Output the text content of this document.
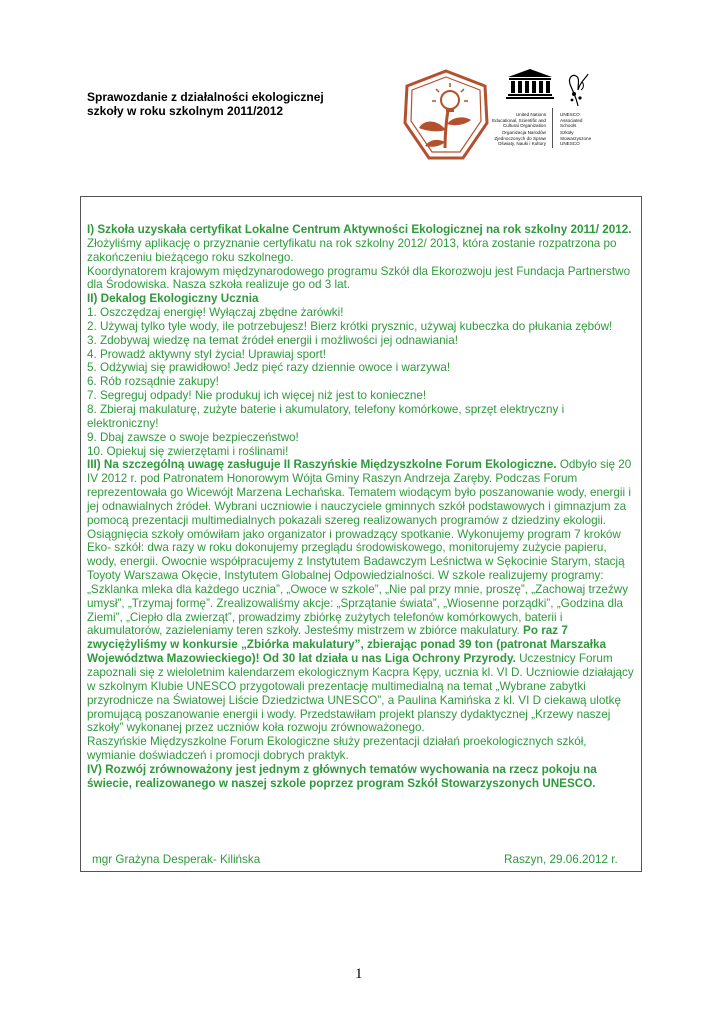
Sprawozdanie z działalności ekologicznej
szkoły w roku szkolnym 2011/2012	United Nations
Educational, Scientific and
Cultural Organization
Organizacja Narodów
Zjednoczonych do Spraw
Oświaty, Nauki i Kultury
UNESCO
Associated
Schools
Szkoły
Stowarzyszone
UNESCO

I) Szkoła uzyskała certyfikat Lokalne Centrum Aktywności Ekologicznej na rok szkolny 2011/ 2012. Złożyliśmy aplikację o przyznanie certyfikatu na rok szkolny 2012/ 2013, która zostanie rozpatrzona po zakończeniu bieżącego roku szkolnego.

Koordynatorem krajowym międzynarodowego programu Szkół dla Ekorozwoju jest Fundacja Partnerstwo dla Środowiska. Nasza szkoła realizuje go od 3 lat.

II) Dekalog Ekologiczny Ucznia

1. Oszczędzaj energię! Wyłączaj zbędne żarówki!

2. Używaj tylko tyle wody, ile potrzebujesz! Bierz krótki prysznic, używaj kubeczka do płukania zębów!

3. Zdobywaj wiedzę na temat źródeł energii i możliwości jej odnawiania!

4. Prowadź aktywny styl życia! Uprawiaj sport!

5. Odżywiaj się prawidłowo! Jedz pięć razy dziennie owoce i warzywa!

6. Rób rozsądnie zakupy!

7. Segreguj odpady! Nie produkuj ich więcej niż jest to konieczne!

8. Zbieraj makulaturę, zużyte baterie i akumulatory, telefony komórkowe, sprzęt elektryczny i elektroniczny!

9. Dbaj zawsze o swoje bezpieczeństwo!

10. Opiekuj się zwierzętami i roślinami!

III) Na szczególną uwagę zasługuje II Raszyńskie Międzyszkolne Forum Ekologiczne. Odbyło się 20 IV 2012 r. pod Patronatem Honorowym Wójta Gminy Raszyn Andrzeja Zaręby. Podczas Forum reprezentowała go Wicewójt Marzena Lechańska. Tematem wiodącym było poszanowanie wody, energii i jej odnawialnych źródeł. Wybrani uczniowie i nauczyciele gminnych szkół podstawowych i gimnazjum za pomocą prezentacji multimedialnych pokazali szereg realizowanych programów z dziedziny ekologii.

Osiągnięcia szkoły omówiłam jako organizator i prowadzący spotkanie. Wykonujemy program 7 kroków Eko- szkół: dwa razy w roku dokonujemy przeglądu środowiskowego, monitorujemy zużycie papieru, wody, energii. Owocnie współpracujemy z Instytutem Badawczym Leśnictwa w Sękocinie Starym, stacją Toyoty Warszawa Okęcie, Instytutem Globalnej Odpowiedzialności. W szkole realizujemy programy: „Szklanka mleka dla każdego ucznia”, „Owoce w szkole”, „Nie pal przy mnie, proszę”, „Zachowaj trzeźwy umysł”, „Trzymaj formę”. Zrealizowaliśmy akcje: „Sprzątanie świata”, „Wiosenne porządki”, „Godzina dla Ziemi”, „Ciepło dla zwierząt”, prowadzimy zbiórkę zużytych telefonów komórkowych, baterii i akumulatorów, zazieleniamy teren szkoły. Jesteśmy mistrzem w zbiórce makulatury. Po raz 7 zwyciężyliśmy w konkursie „Zbiórka makulatury”, zbierając ponad 39 ton (patronat Marszałka Województwa Mazowieckiego)! Od 30 lat działa u nas Liga Ochrony Przyrody. Uczestnicy Forum zapoznali się z wieloletnim kalendarzem ekologicznym Kacpra Kępy, ucznia kl. VI D. Uczniowie działający w szkolnym Klubie UNESCO przygotowali prezentację multimedialną na temat „Wybrane zabytki przyrodnicze na Światowej Liście Dziedzictwa UNESCO”, a Paulina Kamińska z kl. VI D ciekawą ulotkę promującą poszanowanie energii i wody. Przedstawiłam projekt planszy dydaktycznej „Krzewy naszej szkoły” wykonanej przez uczniów koła rozwoju zrównoważonego.

Raszyńskie Międzyszkolne Forum Ekologiczne służy prezentacji działań proekologicznych szkół, wymianie doświadczeń i promocji dobrych praktyk.

IV) Rozwój zrównoważony jest jednym z głównych tematów wychowania na rzecz pokoju na świecie, realizowanego w naszej szkole poprzez program Szkół Stowarzyszonych UNESCO.

mgr Grażyna Desperak- Kilińska	Raszyn, 29.06.2012 r.
1
